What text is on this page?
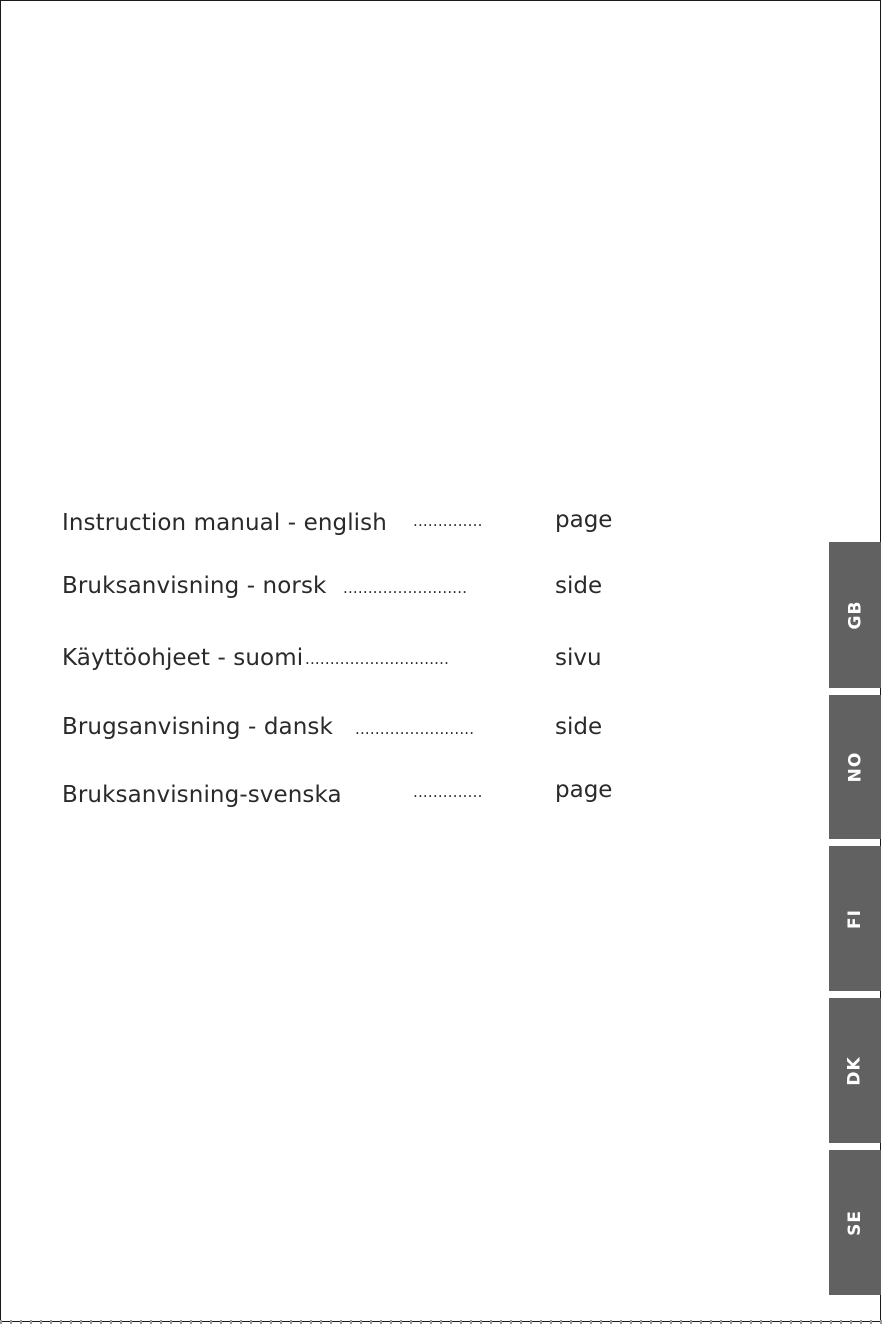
Instruction manual - english ..............	page
Bruksanvisning - norsk .........................	side
Käyttöohjeet - suomi .............................	sivu
Brugsanvisning - dansk ........................	side
Bruksanvisning-svenska	..............	page
GB
NO
FI
DK
SE
